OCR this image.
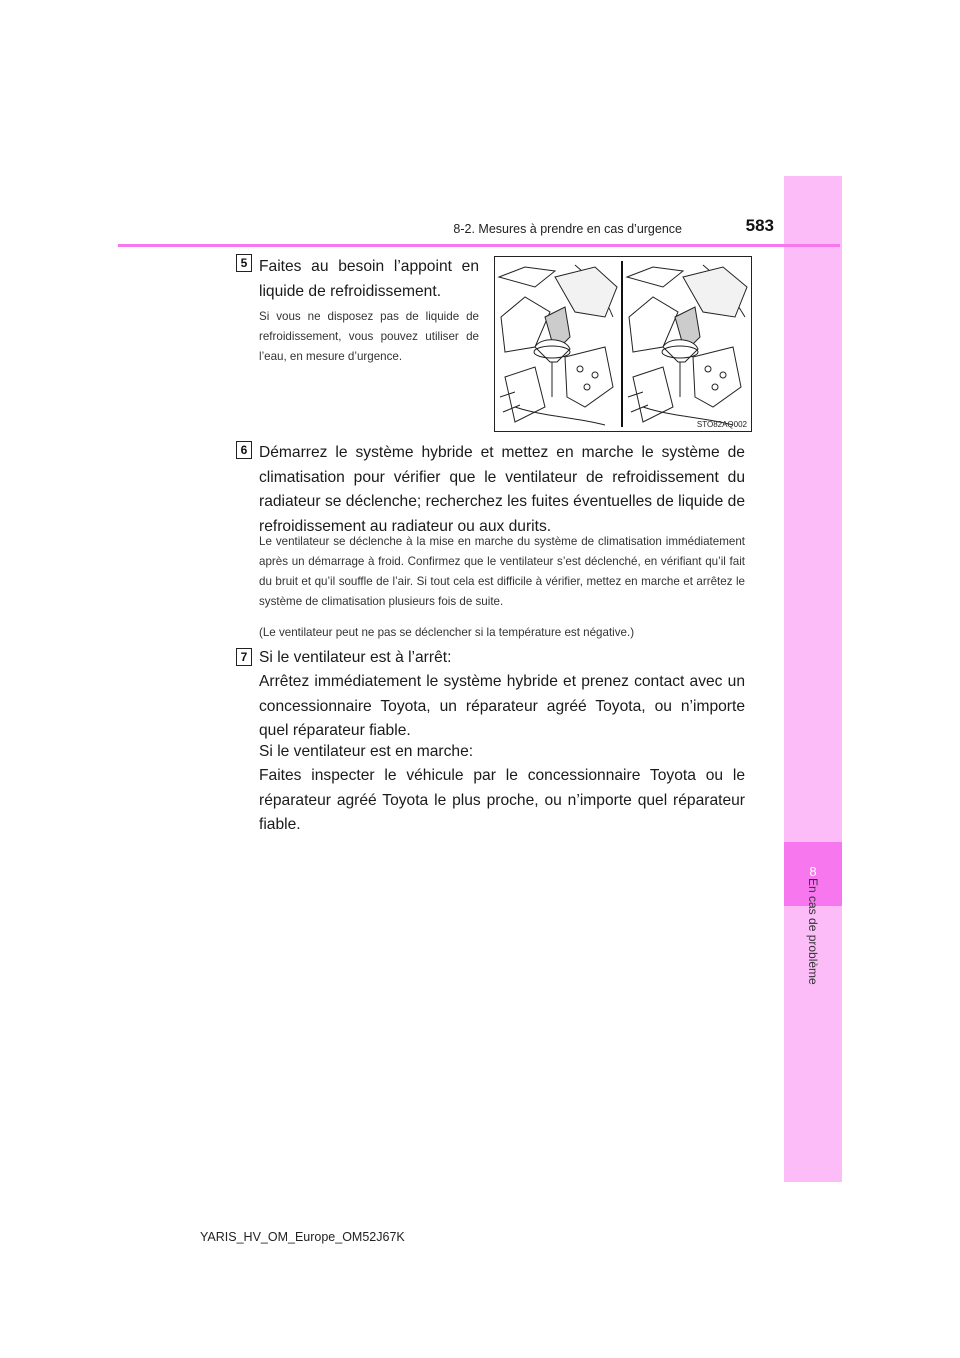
8
En cas de problème
8-2. Mesures à prendre en cas d’urgence	583
5 Faites au besoin l’appoint en liquide de refroidissement.
Si vous ne disposez pas de liquide de refroidissement, vous pouvez utiliser de l’eau, en mesure d’urgence.
STO82AQ002
6 Démarrez le système hybride et mettez en marche le système de climatisation pour vérifier que le ventilateur de refroidissement du radiateur se déclenche; recherchez les fuites éventuelles de liquide de refroidissement au radiateur ou aux durits.
Le ventilateur se déclenche à la mise en marche du système de climatisation immédiatement après un démarrage à froid. Confirmez que le ventilateur s’est déclenché, en vérifiant qu’il fait du bruit et qu’il souffle de l’air. Si tout cela est difficile à vérifier, mettez en marche et arrêtez le système de climatisation plusieurs fois de suite.
(Le ventilateur peut ne pas se déclencher si la température est négative.)
7 Si le ventilateur est à l’arrêt:
Arrêtez immédiatement le système hybride et prenez contact avec un concessionnaire Toyota, un réparateur agréé Toyota, ou n’importe quel réparateur fiable.
Si le ventilateur est en marche:
Faites inspecter le véhicule par le concessionnaire Toyota ou le réparateur agréé Toyota le plus proche, ou n’importe quel réparateur fiable.
YARIS_HV_OM_Europe_OM52J67K
